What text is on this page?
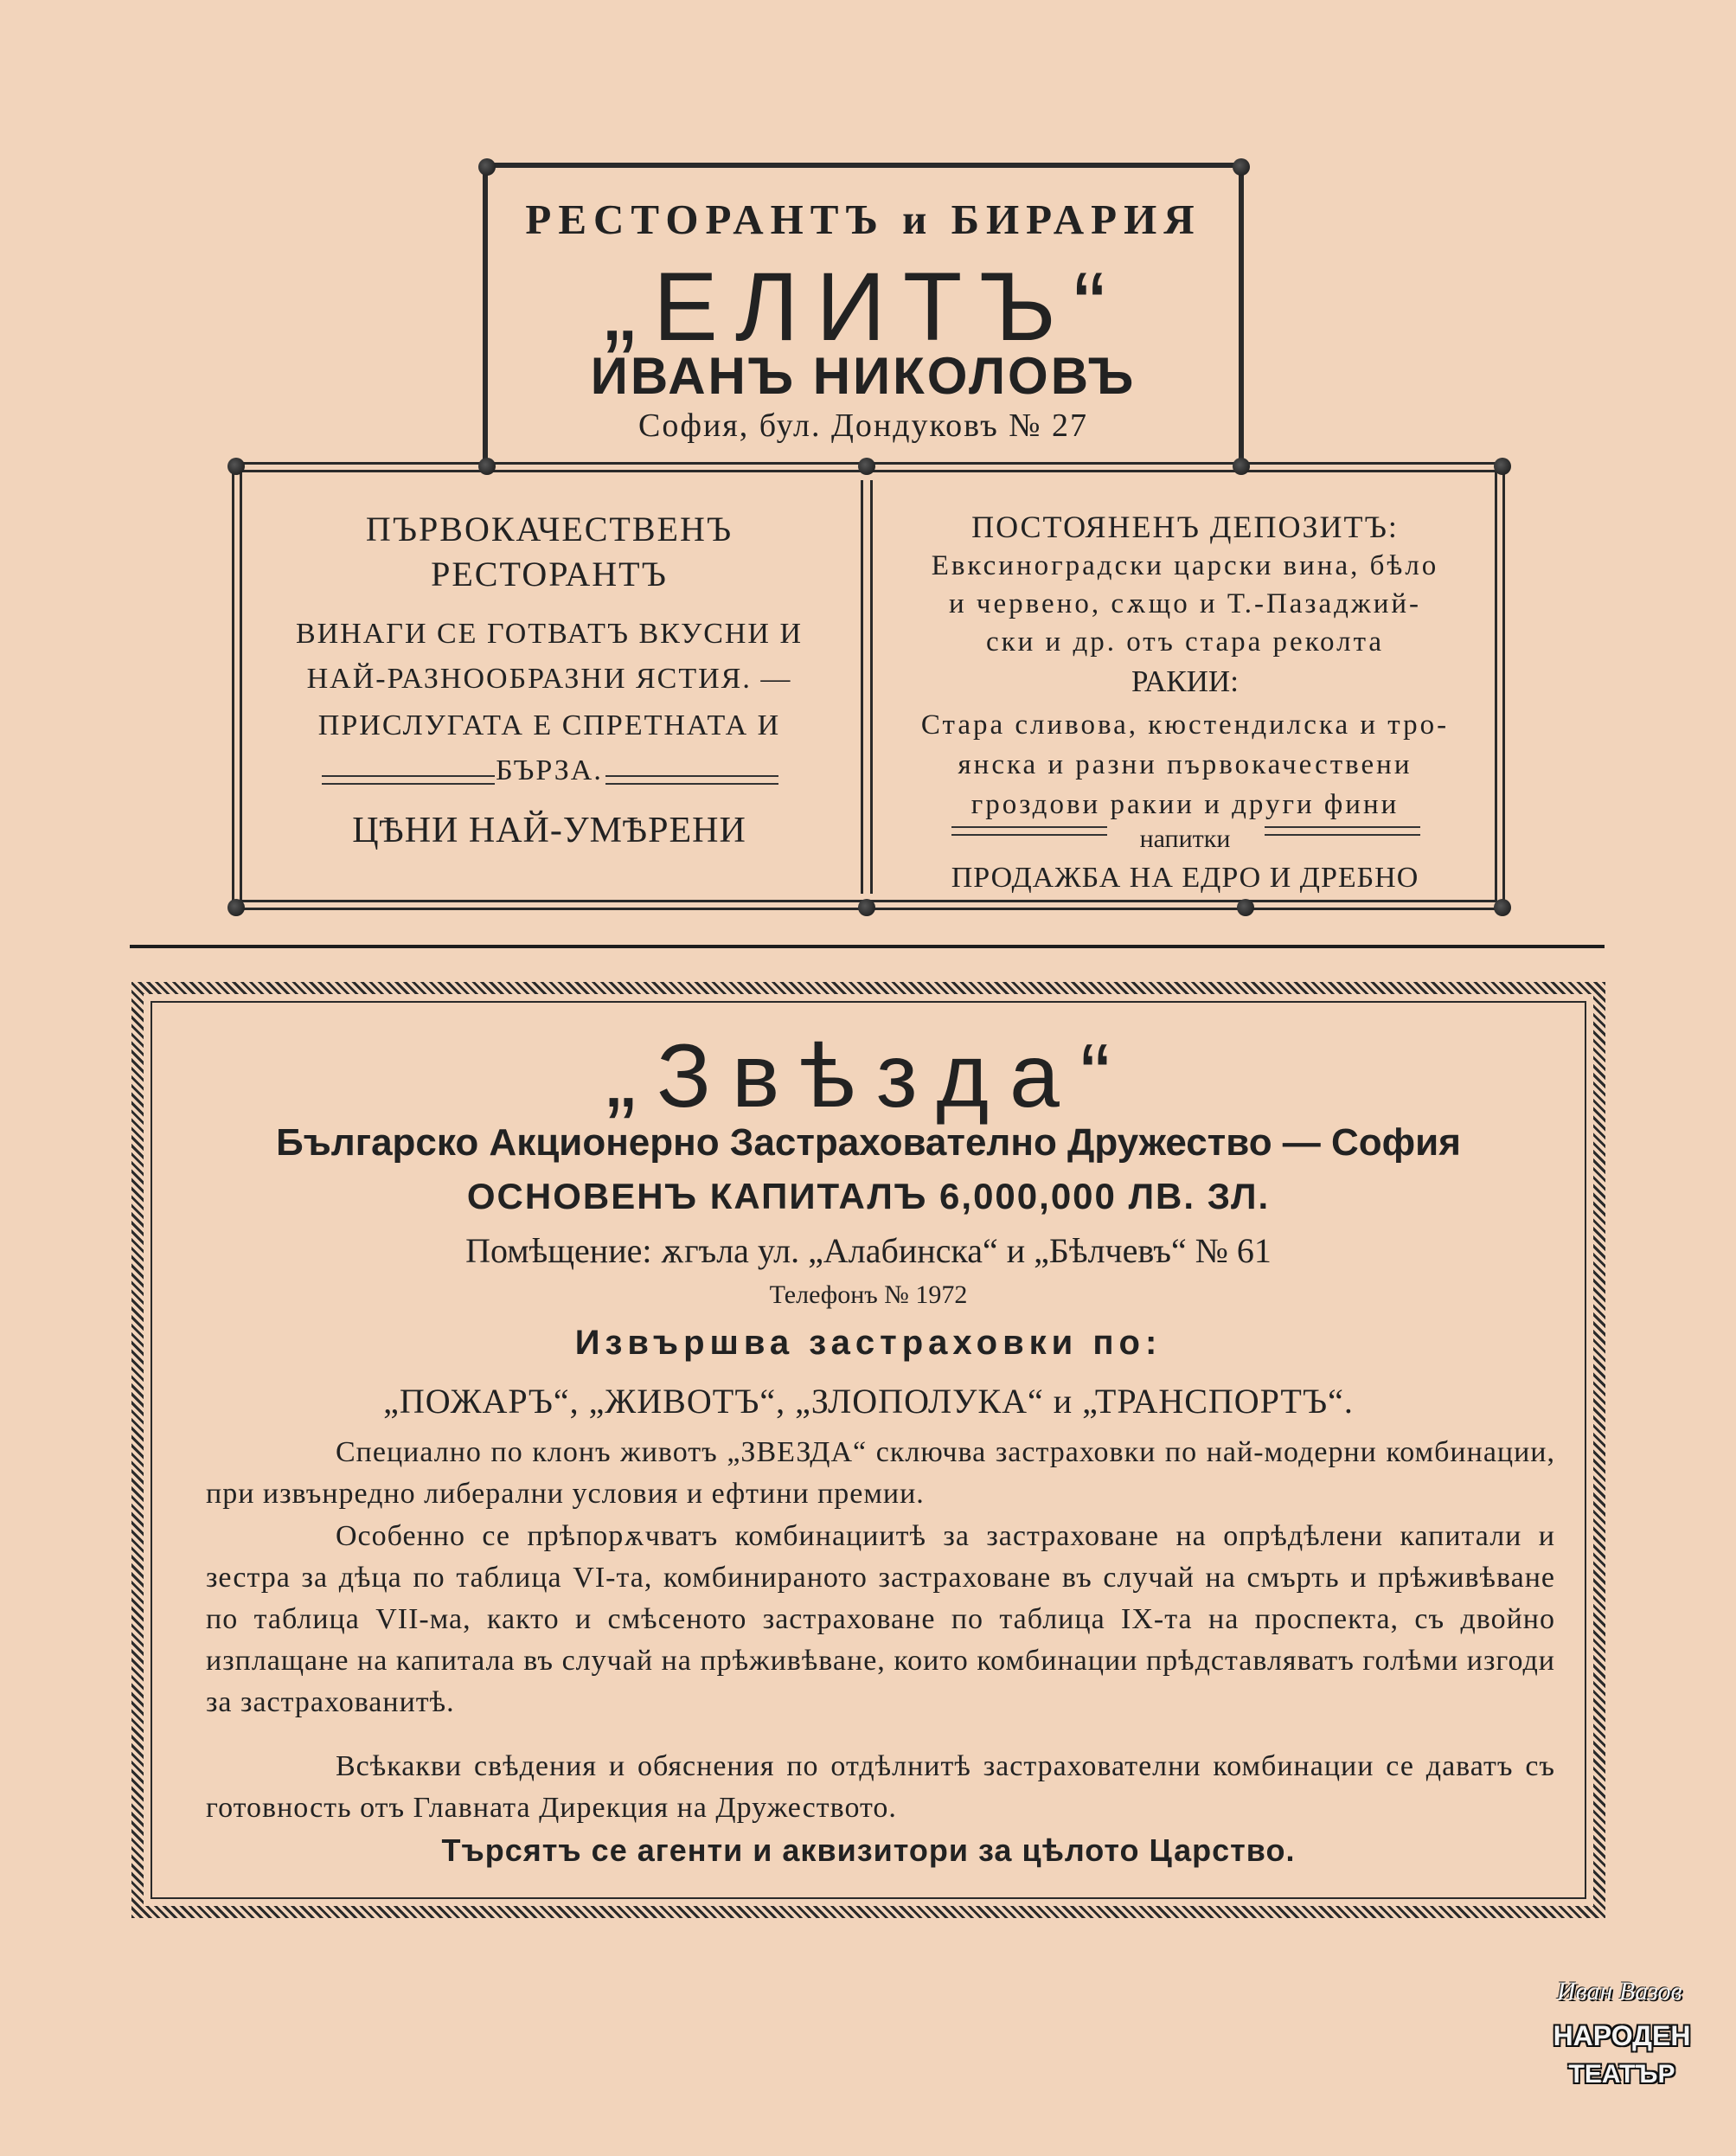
РЕСТОРАНТЪ и БИРАРИЯ
„ЕЛИТЪ“
ИВАНЪ НИКОЛОВЪ
София, бул. Дондуковъ № 27
ПЪРВОКАЧЕСТВЕНЪ
РЕСТОРАНТЪ
ВИНАГИ СЕ ГОТВАТЪ ВКУСНИ И
НАЙ-РАЗНООБРАЗНИ ЯСТИЯ. —
ПРИСЛУГАТА Е СПРЕТНАТА И
БЪРЗА.
ЦѢНИ НАЙ-УМѢРЕНИ
ПОСТОЯНЕНЪ ДЕПОЗИТЪ:
Евксиноградски царски вина, бѣло
и червено, сѫщо и Т.-Пазаджий-
ски и др. отъ стара реколта
РАКИИ:
Стара сливова, кюстендилска и тро-
янска и разни първокачествени
гроздови ракии и други фини
напитки
ПРОДАЖБА НА ЕДРО И ДРЕБНО
„Звѣзда“
Българско Акционерно Застрахователно Дружество — София
ОСНОВЕНЪ КАПИТАЛЪ 6,000,000 ЛВ. ЗЛ.
Помѣщение: ѫгъла ул. „Алабинска“ и „Бѣлчевъ“ № 61
Телефонъ № 1972
Извършва застраховки по:
„ПОЖАРЪ“, „ЖИВОТЪ“, „ЗЛОПОЛУКА“ и „ТРАНСПОРТЪ“.

Специално по клонъ животъ „ЗВЕЗДА“ сключва застраховки по най-модерни комбинации, при извънредно либерални условия и ефтини премии.

Особенно се прѣпорѫчватъ комбинациитѣ за застраховане на опрѣдѣлени капитали и зестра за дѣца по таблица VI-та, комбинираното застраховане въ случай на смърть и прѣживѣване по таблица VII-ма, както и смѣсеното застраховане по таблица IX-та на проспекта, съ двойно изплащане на капитала въ случай на прѣживѣване, които комбинации прѣдставляватъ голѣми изгоди за застрахованитѣ.

Всѣкакви свѣдения и обяснения по отдѣлнитѣ застрахователни комбинации се даватъ съ готовность отъ Главната Дирекция на Дружеството.

Търсятъ се агенти и аквизитори за цѣлото Царство.
Иван Вазов
НАРОДЕН
ТЕАТЪР
